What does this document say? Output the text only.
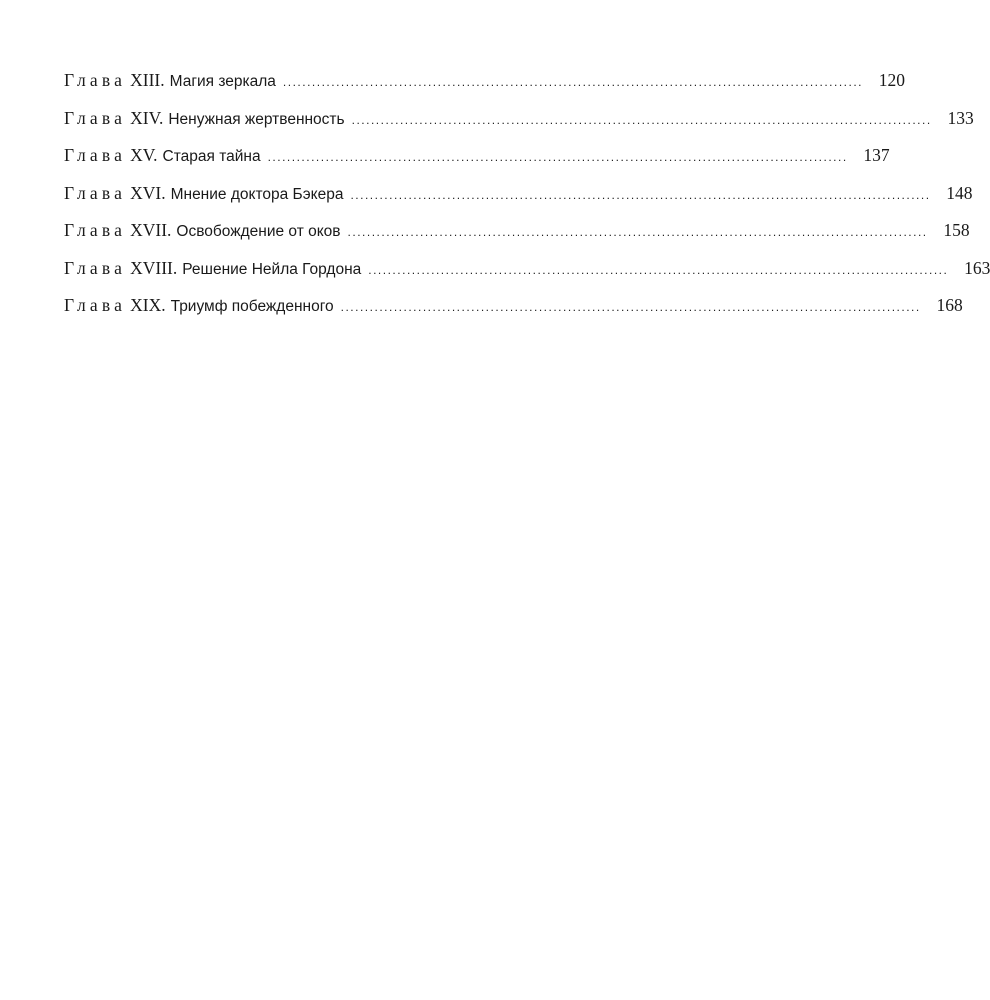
Глава XIII. Магия зеркала ........................................................................................................................ 120
Глава XIV. Ненужная жертвенность ........................................................................................................................ 133
Глава XV. Старая тайна ........................................................................................................................ 137
Глава XVI. Мнение доктора Бэкера ........................................................................................................................ 148
Глава XVII. Освобождение от оков ........................................................................................................................ 158
Глава XVIII. Решение Нейла Гордона ........................................................................................................................ 163
Глава XIX. Триумф побежденного ........................................................................................................................ 168
